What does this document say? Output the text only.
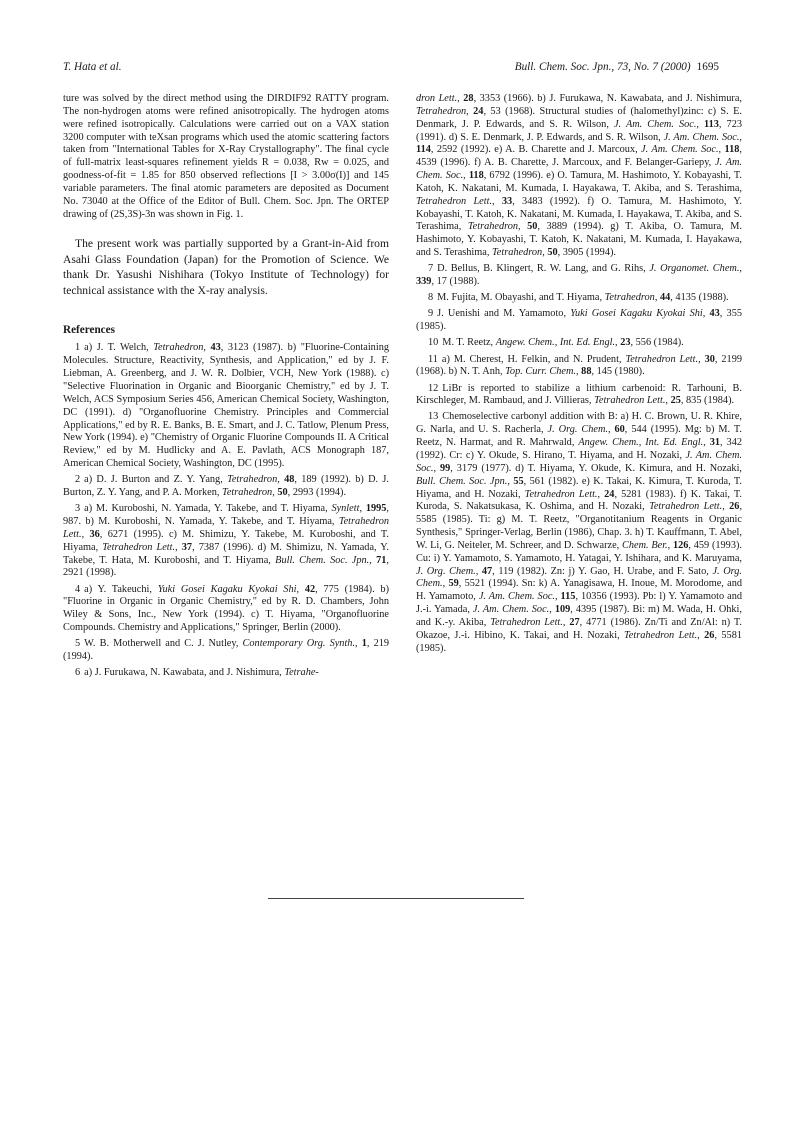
T. Hata et al.	Bull. Chem. Soc. Jpn., 73, No. 7 (2000) 1695

ture was solved by the direct method using the DIRDIF92 RATTY program. The non-hydrogen atoms were refined anisotropically. The hydrogen atoms were refined isotropically. Calculations were carried out on a VAX station 3200 computer with teXsan programs which used the atomic scattering factors taken from "International Tables for X-Ray Crystallography". The final cycle of full-matrix least-squares refinement yields R = 0.038, Rw = 0.025, and goodness-of-fit = 1.85 for 850 observed reflections [I > 3.00σ(I)] and 145 variable parameters. The final atomic parameters are deposited as Document No. 73040 at the Office of the Editor of Bull. Chem. Soc. Jpn. The ORTEP drawing of (2S,3S)-3n was shown in Fig. 1.

The present work was partially supported by a Grant-in-Aid from Asahi Glass Foundation (Japan) for the Promotion of Science. We thank Dr. Yasushi Nishihara (Tokyo Institute of Technology) for technical assistance with the X-ray analysis.

References

1 a) J. T. Welch, Tetrahedron, 43, 3123 (1987). b) "Fluorine-Containing Molecules. Structure, Reactivity, Synthesis, and Application," ed by J. F. Liebman, A. Greenberg, and J. W. R. Dolbier, VCH, New York (1988). c) "Selective Fluorination in Organic and Bioorganic Chemistry," ed by J. T. Welch, ACS Symposium Series 456, American Chemical Society, Washington, DC (1991). d) "Organofluorine Chemistry. Principles and Commercial Applications," ed by R. E. Banks, B. E. Smart, and J. C. Tatlow, Plenum Press, New York (1994). e) "Chemistry of Organic Fluorine Compounds II. A Critical Review," ed by M. Hudlicky and A. E. Pavlath, ACS Monograph 187, American Chemical Society, Washington, DC (1995).

2 a) D. J. Burton and Z. Y. Yang, Tetrahedron, 48, 189 (1992). b) D. J. Burton, Z. Y. Yang, and P. A. Morken, Tetrahedron, 50, 2993 (1994).

3 a) M. Kuroboshi, N. Yamada, Y. Takebe, and T. Hiyama, Synlett, 1995, 987. b) M. Kuroboshi, N. Yamada, Y. Takebe, and T. Hiyama, Tetrahedron Lett., 36, 6271 (1995). c) M. Shimizu, Y. Takebe, M. Kuroboshi, and T. Hiyama, Tetrahedron Lett., 37, 7387 (1996). d) M. Shimizu, N. Yamada, Y. Takebe, T. Hata, M. Kuroboshi, and T. Hiyama, Bull. Chem. Soc. Jpn., 71, 2921 (1998).

4 a) Y. Takeuchi, Yuki Gosei Kagaku Kyokai Shi, 42, 775 (1984). b) "Fluorine in Organic in Organic Chemistry," ed by R. D. Chambers, John Wiley & Sons, Inc., New York (1994). c) T. Hiyama, "Organofluorine Compounds. Chemistry and Applications," Springer, Berlin (2000).

5 W. B. Motherwell and C. J. Nutley, Contemporary Org. Synth., 1, 219 (1994).

6 a) J. Furukawa, N. Kawabata, and J. Nishimura, Tetrahe-

dron Lett., 28, 3353 (1966). b) J. Furukawa, N. Kawabata, and J. Nishimura, Tetrahedron, 24, 53 (1968). Structural studies of (halomethyl)zinc: c) S. E. Denmark, J. P. Edwards, and S. R. Wilson, J. Am. Chem. Soc., 113, 723 (1991). d) S. E. Denmark, J. P. Edwards, and S. R. Wilson, J. Am. Chem. Soc., 114, 2592 (1992). e) A. B. Charette and J. Marcoux, J. Am. Chem. Soc., 118, 4539 (1996). f) A. B. Charette, J. Marcoux, and F. Belanger-Gariepy, J. Am. Chem. Soc., 118, 6792 (1996). e) O. Tamura, M. Hashimoto, Y. Kobayashi, T. Katoh, K. Nakatani, M. Kumada, I. Hayakawa, T. Akiba, and S. Terashima, Tetrahedron Lett., 33, 3483 (1992). f) O. Tamura, M. Hashimoto, Y. Kobayashi, T. Katoh, K. Nakatani, M. Kumada, I. Hayakawa, T. Akiba, and S. Terashima, Tetrahedron, 50, 3889 (1994). g) T. Akiba, O. Tamura, M. Hashimoto, Y. Kobayashi, T. Katoh, K. Nakatani, M. Kumada, I. Hayakawa, and S. Terashima, Tetrahedron, 50, 3905 (1994).

7 D. Bellus, B. Klingert, R. W. Lang, and G. Rihs, J. Organomet. Chem., 339, 17 (1988).

8 M. Fujita, M. Obayashi, and T. Hiyama, Tetrahedron, 44, 4135 (1988).

9 J. Uenishi and M. Yamamoto, Yuki Gosei Kagaku Kyokai Shi, 43, 355 (1985).

10 M. T. Reetz, Angew. Chem., Int. Ed. Engl., 23, 556 (1984).

11 a) M. Cherest, H. Felkin, and N. Prudent, Tetrahedron Lett., 30, 2199 (1968). b) N. T. Anh, Top. Curr. Chem., 88, 145 (1980).

12 LiBr is reported to stabilize a lithium carbenoid: R. Tarhouni, B. Kirschleger, M. Rambaud, and J. Villieras, Tetrahedron Lett., 25, 835 (1984).

13 Chemoselective carbonyl addition with B: a) H. C. Brown, U. R. Khire, G. Narla, and U. S. Racherla, J. Org. Chem., 60, 544 (1995). Mg: b) M. T. Reetz, N. Harmat, and R. Mahrwald, Angew. Chem., Int. Ed. Engl., 31, 342 (1992). Cr: c) Y. Okude, S. Hirano, T. Hiyama, and H. Nozaki, J. Am. Chem. Soc., 99, 3179 (1977). d) T. Hiyama, Y. Okude, K. Kimura, and H. Nozaki, Bull. Chem. Soc. Jpn., 55, 561 (1982). e) K. Takai, K. Kimura, T. Kuroda, T. Hiyama, and H. Nozaki, Tetrahedron Lett., 24, 5281 (1983). f) K. Takai, T. Kuroda, S. Nakatsukasa, K. Oshima, and H. Nozaki, Tetrahedron Lett., 26, 5585 (1985). Ti: g) M. T. Reetz, "Organotitanium Reagents in Organic Synthesis," Springer-Verlag, Berlin (1986), Chap. 3. h) T. Kauffmann, T. Abel, W. Li, G. Neiteler, M. Schreer, and D. Schwarze, Chem. Ber., 126, 459 (1993). Cu: i) Y. Yamamoto, S. Yamamoto, H. Yatagai, Y. Ishihara, and K. Maruyama, J. Org. Chem., 47, 119 (1982). Zn: j) Y. Gao, H. Urabe, and F. Sato, J. Org. Chem., 59, 5521 (1994). Sn: k) A. Yanagisawa, H. Inoue, M. Morodome, and H. Yamamoto, J. Am. Chem. Soc., 115, 10356 (1993). Pb: l) Y. Yamamoto and J.-i. Yamada, J. Am. Chem. Soc., 109, 4395 (1987). Bi: m) M. Wada, H. Ohki, and K.-y. Akiba, Tetrahedron Lett., 27, 4771 (1986). Zn/Ti and Zn/Al: n) T. Okazoe, J.-i. Hibino, K. Takai, and H. Nozaki, Tetrahedron Lett., 26, 5581 (1985).
